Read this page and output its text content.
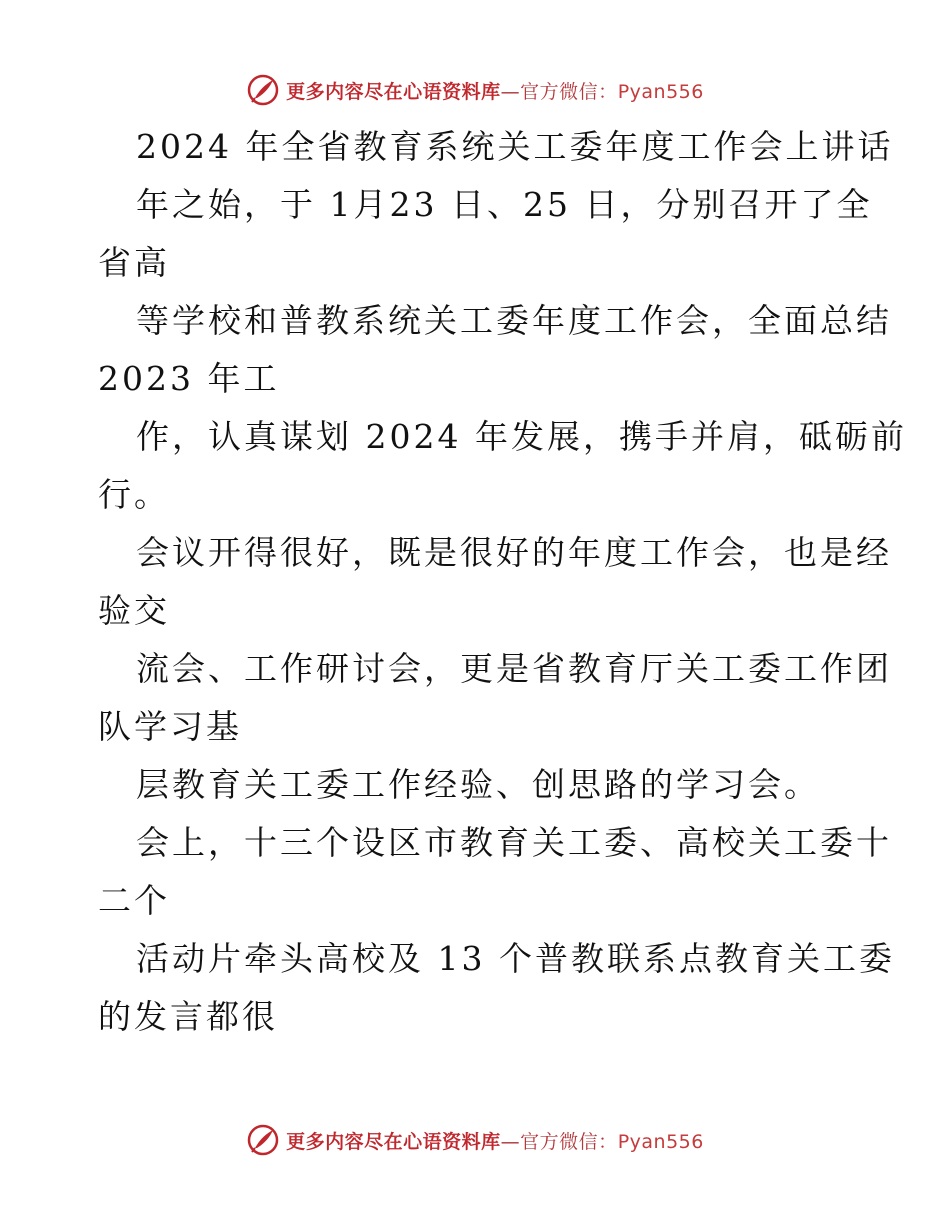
更多内容尽在心语资料库—官方微信：Pyan556
2024 年全省教育系统关工委年度工作会上讲话
年之始，于 1月23 日、25 日，分别召开了全
省高
等学校和普教系统关工委年度工作会，全面总结
2023 年工
作，认真谋划 2024 年发展，携手并肩，砥砺前
行。
会议开得很好，既是很好的年度工作会，也是经
验交
流会、工作研讨会，更是省教育厅关工委工作团
队学习基
层教育关工委工作经验、创思路的学习会。
会上，十三个设区市教育关工委、高校关工委十
二个
活动片牵头高校及 13 个普教联系点教育关工委
的发言都很
更多内容尽在心语资料库—官方微信：Pyan556
